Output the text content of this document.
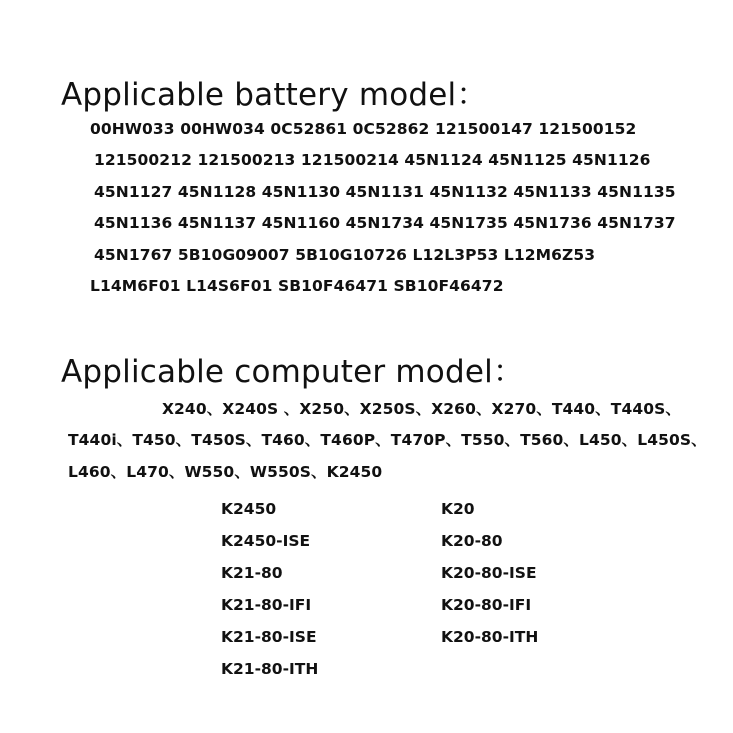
Applicable battery model：
00HW033 00HW034 0C52861 0C52862 121500147 121500152
121500212 121500213 121500214 45N1124 45N1125 45N1126
45N1127 45N1128 45N1130 45N1131 45N1132 45N1133 45N1135
45N1136 45N1137 45N1160 45N1734 45N1735 45N1736 45N1737
45N1767 5B10G09007 5B10G10726 L12L3P53 L12M6Z53
L14M6F01 L14S6F01 SB10F46471 SB10F46472
Applicable computer model：
X240、X240S 、X250、X250S、X260、X270、T440、T440S、
T440i、T450、T450S、T460、T460P、T470P、T550、T560、L450、L450S、
L460、L470、W550、W550S、K2450
K2450
K2450-ISE
K21-80
K21-80-IFI
K21-80-ISE
K21-80-ITH
K20
K20-80
K20-80-ISE
K20-80-IFI
K20-80-ITH
